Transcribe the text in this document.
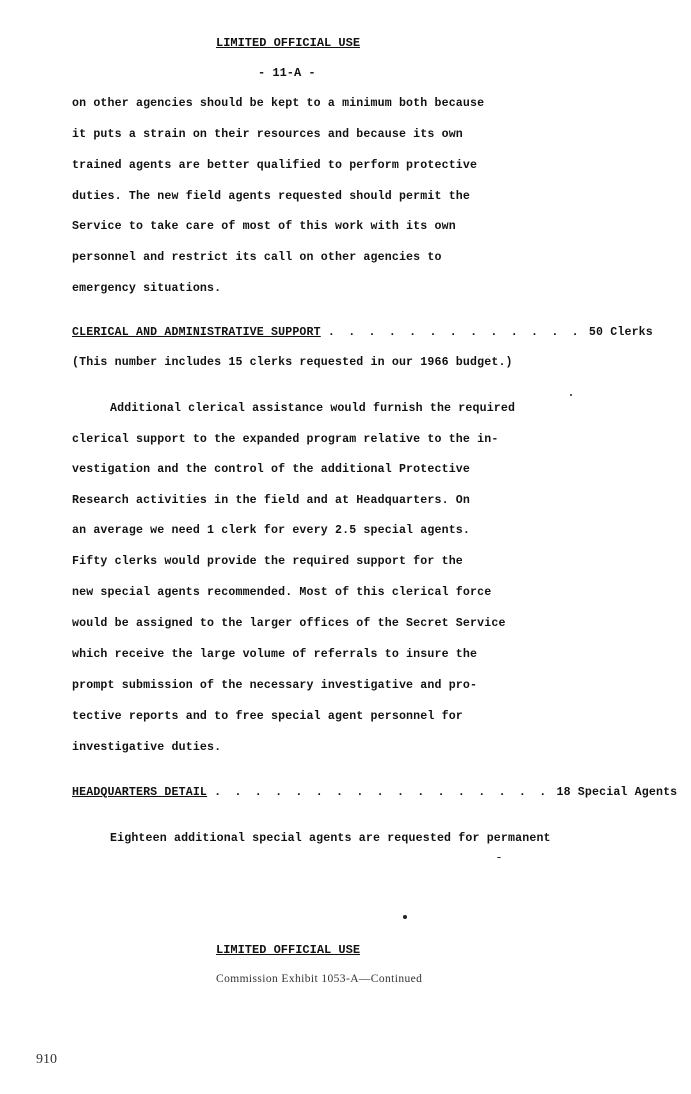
LIMITED OFFICIAL USE
- 11-A -
on other agencies should be kept to a minimum both because
it puts a strain on their resources and because its own
trained agents are better qualified to perform protective
duties. The new field agents requested should permit the
Service to take care of most of this work with its own
personnel and restrict its call on other agencies to
emergency situations.
CLERICAL AND ADMINISTRATIVE SUPPORT . . . . . . . . . . . . . 50 Clerks
(This number includes 15 clerks requested in our 1966 budget.)
Additional clerical assistance would furnish the required
clerical support to the expanded program relative to the in-
vestigation and the control of the additional Protective
Research activities in the field and at Headquarters. On
an average we need 1 clerk for every 2.5 special agents.
Fifty clerks would provide the required support for the
new special agents recommended. Most of this clerical force
would be assigned to the larger offices of the Secret Service
which receive the large volume of referrals to insure the
prompt submission of the necessary investigative and pro-
tective reports and to free special agent personnel for
investigative duties.
HEADQUARTERS DETAIL . . . . . . . . . . . . . . . . . 18 Special Agents
Eighteen additional special agents are requested for permanent
LIMITED OFFICIAL USE
Commission Exhibit 1053-A—Continued
910
